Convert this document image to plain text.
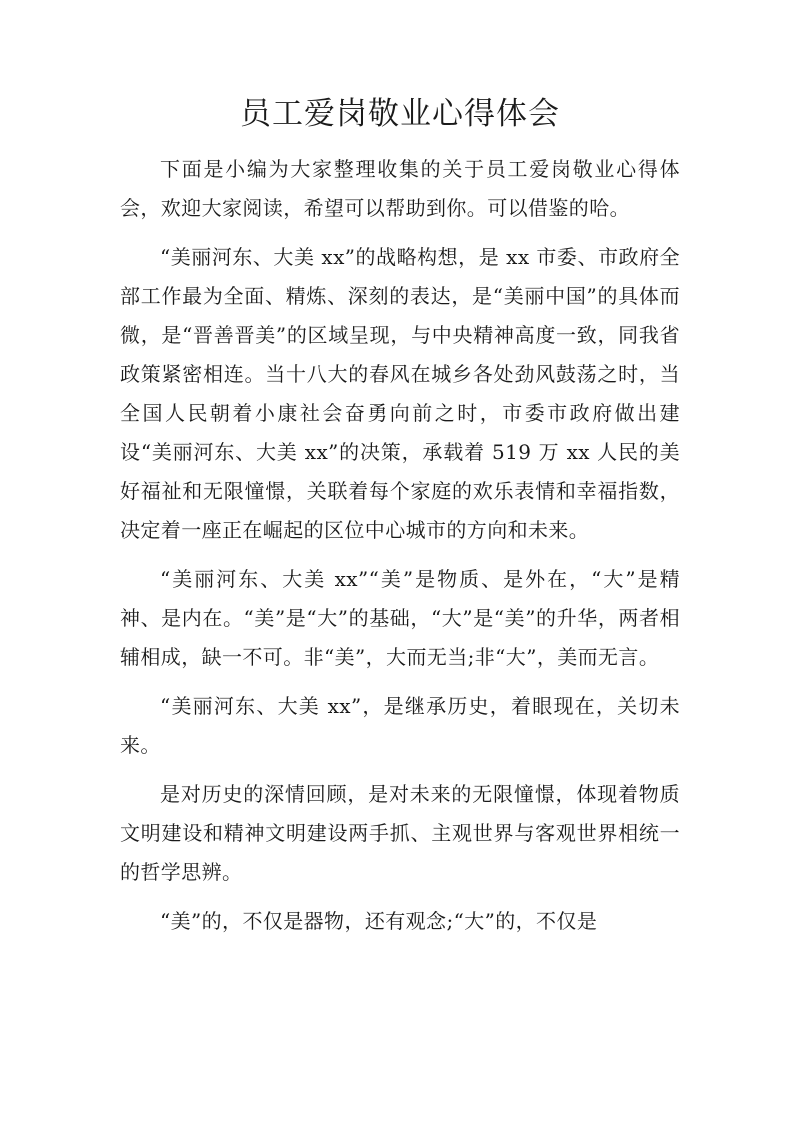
员工爱岗敬业心得体会

下面是小编为大家整理收集的关于员工爱岗敬业心得体会，欢迎大家阅读，希望可以帮助到你。可以借鉴的哈。

“美丽河东、大美 xx”的战略构想，是 xx 市委、市政府全部工作最为全面、精炼、深刻的表达，是“美丽中国”的具体而微，是“晋善晋美”的区域呈现，与中央精神高度一致，同我省政策紧密相连。当十八大的春风在城乡各处劲风鼓荡之时，当全国人民朝着小康社会奋勇向前之时，市委市政府做出建设“美丽河东、大美 xx”的决策，承载着 519 万 xx 人民的美好福祉和无限憧憬，关联着每个家庭的欢乐表情和幸福指数，决定着一座正在崛起的区位中心城市的方向和未来。

“美丽河东、大美 xx”“美”是物质、是外在，“大”是精神、是内在。“美”是“大”的基础，“大”是“美”的升华，两者相辅相成，缺一不可。非“美”，大而无当;非“大”，美而无言。

“美丽河东、大美 xx”，是继承历史，着眼现在，关切未来。

是对历史的深情回顾，是对未来的无限憧憬，体现着物质文明建设和精神文明建设两手抓、主观世界与客观世界相统一的哲学思辨。

“美”的，不仅是器物，还有观念;“大”的，不仅是
